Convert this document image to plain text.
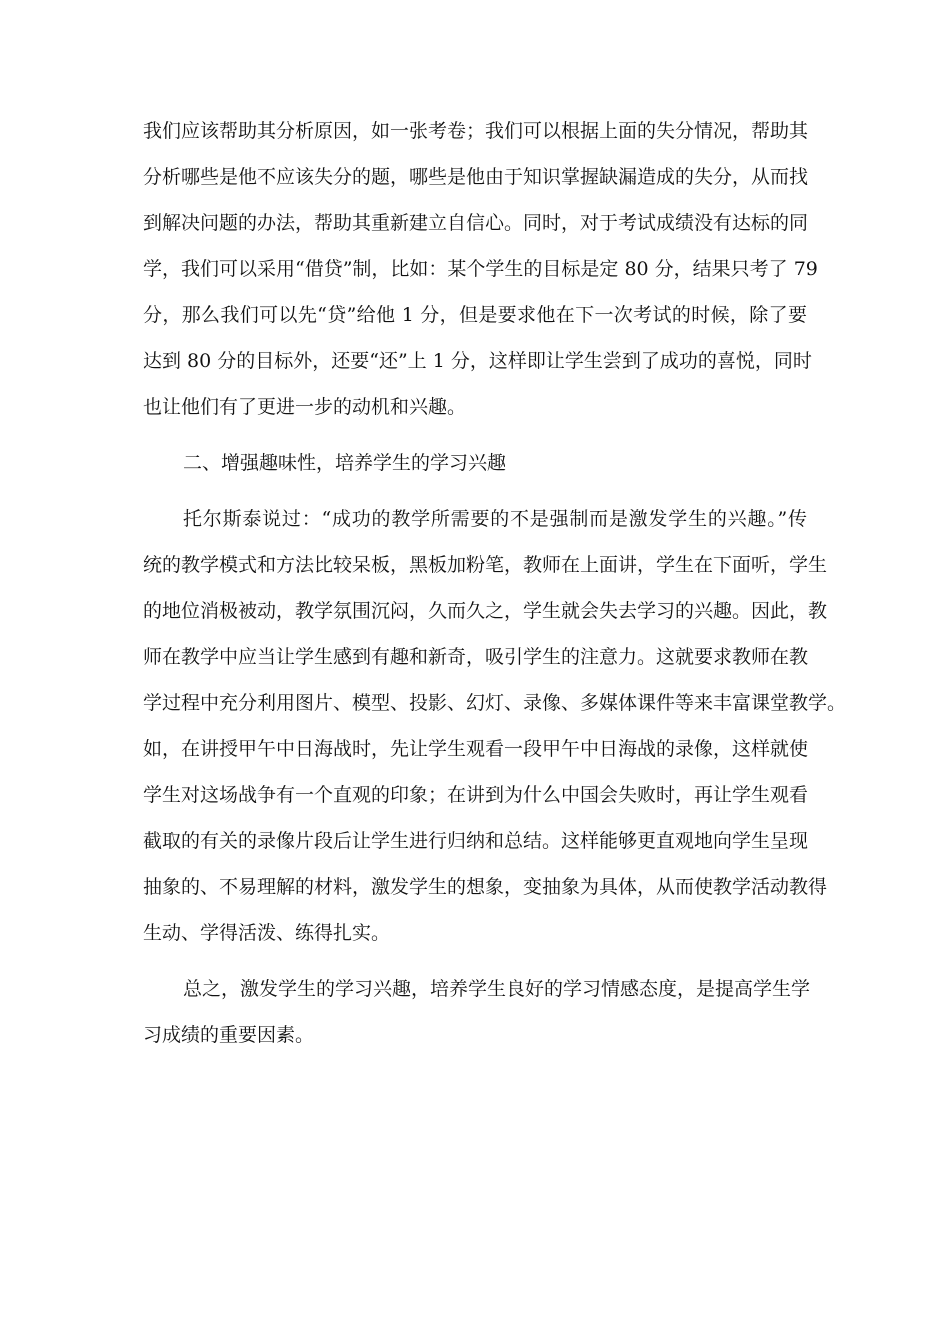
我们应该帮助其分析原因，如一张考卷；我们可以根据上面的失分情况，帮助其
分析哪些是他不应该失分的题，哪些是他由于知识掌握缺漏造成的失分，从而找
到解决问题的办法，帮助其重新建立自信心。同时，对于考试成绩没有达标的同
学，我们可以采用“借贷”制，比如：某个学生的目标是定 80 分，结果只考了 79
分，那么我们可以先“贷”给他 1 分，但是要求他在下一次考试的时候，除了要
达到 80 分的目标外，还要“还”上 1 分，这样即让学生尝到了成功的喜悦，同时
也让他们有了更进一步的动机和兴趣。
二、增强趣味性，培养学生的学习兴趣
托尔斯泰说过：“成功的教学所需要的不是强制而是激发学生的兴趣。”传
统的教学模式和方法比较呆板，黑板加粉笔，教师在上面讲，学生在下面听，学生
的地位消极被动，教学氛围沉闷，久而久之，学生就会失去学习的兴趣。因此，教
师在教学中应当让学生感到有趣和新奇，吸引学生的注意力。这就要求教师在教
学过程中充分利用图片、模型、投影、幻灯、录像、多媒体课件等来丰富课堂教学。
如，在讲授甲午中日海战时，先让学生观看一段甲午中日海战的录像，这样就使
学生对这场战争有一个直观的印象；在讲到为什么中国会失败时，再让学生观看
截取的有关的录像片段后让学生进行归纳和总结。这样能够更直观地向学生呈现
抽象的、不易理解的材料，激发学生的想象，变抽象为具体，从而使教学活动教得
生动、学得活泼、练得扎实。
总之，激发学生的学习兴趣，培养学生良好的学习情感态度，是提高学生学
习成绩的重要因素。
